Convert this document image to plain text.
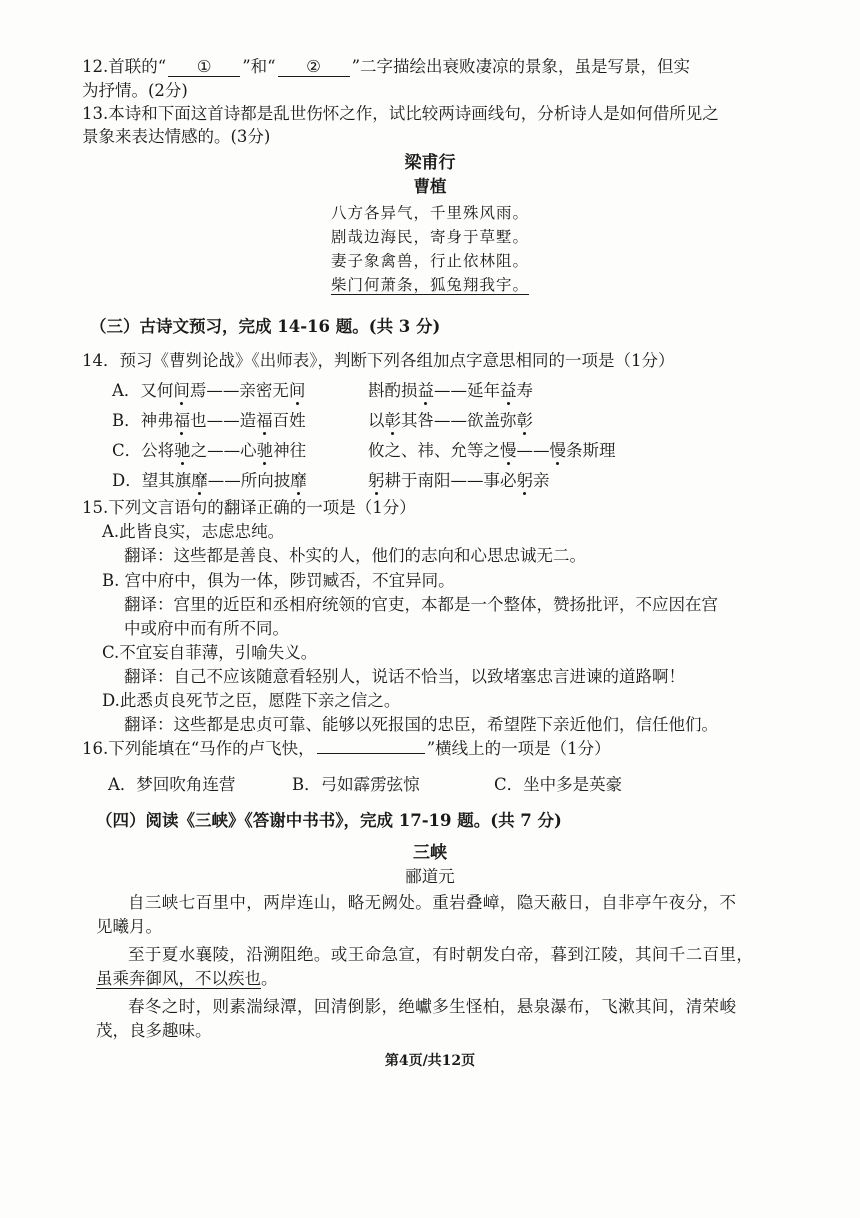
12.首联的“ ① ”和“ ② ”二字描绘出衰败凄凉的景象，虽是写景，但实
为抒情。(2分)
13.本诗和下面这首诗都是乱世伤怀之作，试比较两诗画线句，分析诗人是如何借所见之
景象来表达情感的。(3分)
梁甫行
曹植
八方各异气，千里殊风雨。
剧哉边海民，寄身于草墅。
妻子象禽兽，行止依林阻。
柴门何萧条，狐兔翔我宇。
（三）古诗文预习，完成 14-16 题。(共 3 分)
14．预习《曹刿论战》《出师表》，判断下列各组加点字意思相同的一项是（1分）
A．又何间焉——亲密无间	斟酌损益——延年益寿
B．神弗福也——造福百姓	以彰其咎——欲盖弥彰
C．公将驰之——心驰神往	攸之、祎、允等之慢——慢条斯理
D．望其旗靡——所向披靡	躬耕于南阳——事必躬亲
15.下列文言语句的翻译正确的一项是（1分）
A.此皆良实，志虑忠纯。
翻译：这些都是善良、朴实的人，他们的志向和心思忠诚无二。
B. 宫中府中，俱为一体，陟罚臧否，不宜异同。
翻译：宫里的近臣和丞相府统领的官吏，本都是一个整体，赞扬批评，不应因在宫
中或府中而有所不同。
C.不宜妄自菲薄，引喻失义。
翻译：自己不应该随意看轻别人，说话不恰当，以致堵塞忠言进谏的道路啊！
D.此悉贞良死节之臣，愿陛下亲之信之。
翻译：这些都是忠贞可靠、能够以死报国的忠臣，希望陛下亲近他们，信任他们。
16.下列能填在“马作的卢飞快，	”横线上的一项是（1分）
A．梦回吹角连营	B．弓如霹雳弦惊	C．坐中多是英豪
（四）阅读《三峡》《答谢中书书》，完成 17-19 题。(共 7 分)
三峡
郦道元
自三峡七百里中，两岸连山，略无阙处。重岩叠嶂，隐天蔽日，自非亭午夜分，不
见曦月。
至于夏水襄陵，沿溯阻绝。或王命急宣，有时朝发白帝，暮到江陵，其间千二百里，
虽乘奔御风，不以疾也。
春冬之时，则素湍绿潭，回清倒影，绝巘多生怪柏，悬泉瀑布，飞漱其间，清荣峻
茂，良多趣味。
第4页/共12页
